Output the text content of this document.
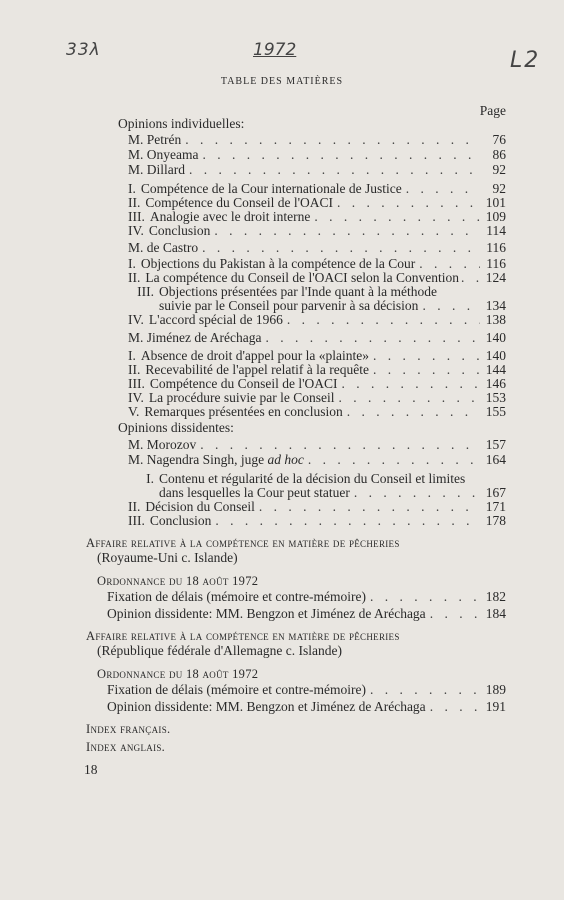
33λ	1972	L2
TABLE DES MATIÈRES
Page
Opinions individuelles:
M. Petrén . . .	76
M. Onyeama . . .	86
M. Dillard . . .	92
I. Compétence de la Cour internationale de Justice . . .	92
II. Compétence du Conseil de l'OACI . . .	101
III. Analogie avec le droit interne . . .	109
IV. Conclusion . . .	114
M. de Castro . . .	116
I. Objections du Pakistan à la compétence de la Cour . . .	116
II. La compétence du Conseil de l'OACI selon la Convention . . . 124
III. Objections présentées par l'Inde quant à la méthode
suivie par le Conseil pour parvenir à sa décision . . .	134
IV. L'accord spécial de 1966 . . .	138
M. Jiménez de Aréchaga . . .	140
I. Absence de droit d'appel pour la «plainte» . . .	140
II. Recevabilité de l'appel relatif à la requête . . .	144
III. Compétence du Conseil de l'OACI . . .	146
IV. La procédure suivie par le Conseil . . .	153
V. Remarques présentées en conclusion . . .	155
Opinions dissidentes:
M. Morozov . . .	157
M. Nagendra Singh, juge
ad hoc . . .	164
I. Contenu et régularité de la décision du Conseil et limites
dans lesquelles la Cour peut statuer . . .	167
II. Décision du Conseil . . .	171
III. Conclusion . . .	178
Affaire relative à la compétence en matière de pêcheries
(Royaume-Uni c. Islande)
Ordonnance du 18 août 1972
Fixation de délais (mémoire et contre-mémoire) . . .	182
Opinion dissidente: MM. Bengzon et Jiménez de Aréchaga . . .	184
Affaire relative à la compétence en matière de pêcheries
(République fédérale d'Allemagne c. Islande)
Ordonnance du 18 août 1972
Fixation de délais (mémoire et contre-mémoire) . . .	189
Opinion dissidente: MM. Bengzon et Jiménez de Aréchaga . . .	191
Index français.
Index anglais.
18
